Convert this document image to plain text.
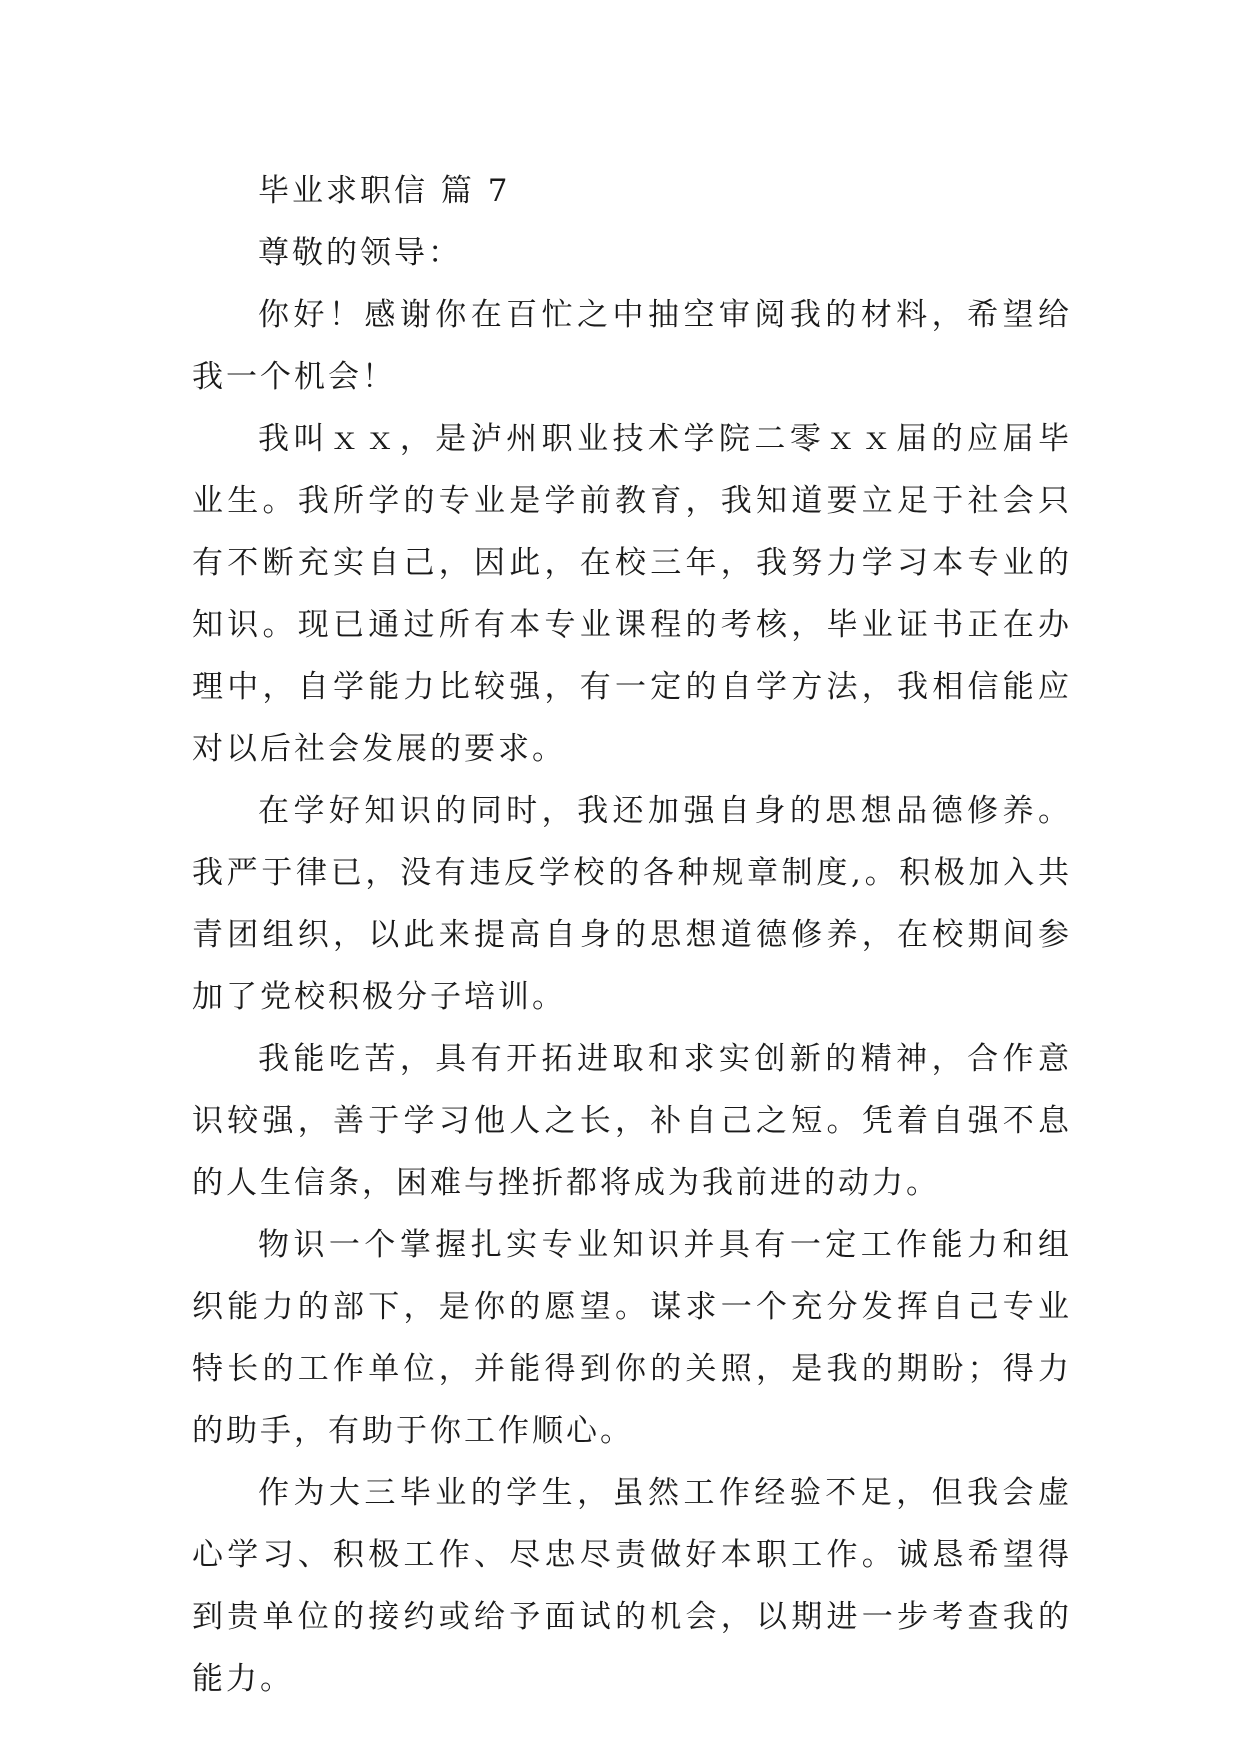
毕业求职信 篇 7

尊敬的领导：

你好！感谢你在百忙之中抽空审阅我的材料，希望给我一个机会！

我叫ｘｘ，是泸州职业技术学院二零ｘｘ届的应届毕业生。我所学的专业是学前教育，我知道要立足于社会只有不断充实自己，因此，在校三年，我努力学习本专业的知识。现已通过所有本专业课程的考核，毕业证书正在办理中，自学能力比较强，有一定的自学方法，我相信能应对以后社会发展的要求。

在学好知识的同时，我还加强自身的思想品德修养。我严于律已，没有违反学校的各种规章制度,。积极加入共青团组织，以此来提高自身的思想道德修养，在校期间参加了党校积极分子培训。

我能吃苦，具有开拓进取和求实创新的精神，合作意识较强，善于学习他人之长，补自己之短。凭着自强不息的人生信条，困难与挫折都将成为我前进的动力。

物识一个掌握扎实专业知识并具有一定工作能力和组织能力的部下，是你的愿望。谋求一个充分发挥自己专业特长的工作单位，并能得到你的关照，是我的期盼；得力的助手，有助于你工作顺心。

作为大三毕业的学生，虽然工作经验不足，但我会虚心学习、积极工作、尽忠尽责做好本职工作。诚恳希望得到贵单位的接约或给予面试的机会，以期进一步考查我的能力。
